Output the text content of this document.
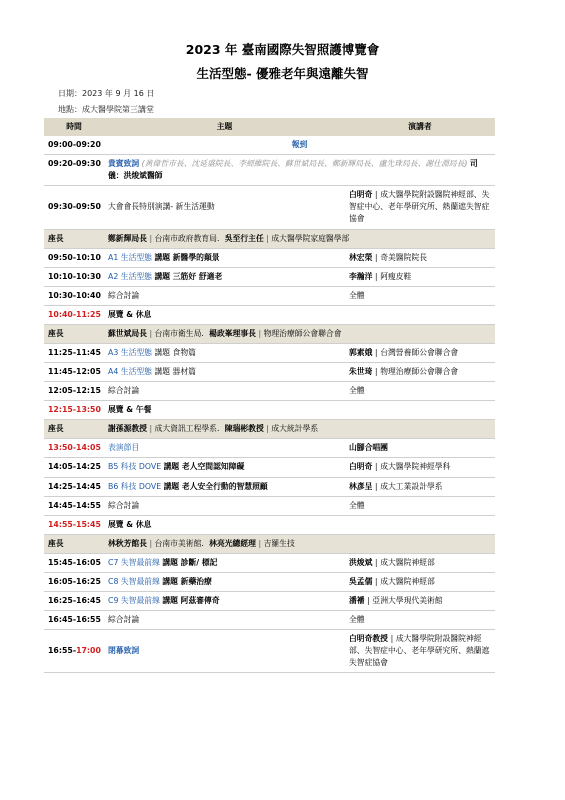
2023 年 臺南國際失智照護博覽會
生活型態- 優雅老年與遠離失智
日期：2023 年 9 月 16 日
地點：成大醫學院第三講堂
時間	主題	演講者
09:00-09:20	報到	
09:20-09:30	貴賓致詞 (黃偉哲市長、沈延盛院長、李經維院長、蘇世斌局長、鄭新輝局長、盧先珠局長、謝仕淵局長) 司儀：洪焌斌醫師	
09:30-09:50	大會會長特別演講- 新生活運動	白明奇 | 成大醫學院附設醫院神經部、失智症中心、老年學研究所、熱蘭遮失智症協會
座長	鄭新輝局長 | 台南市政府教育局．吳至行主任 | 成大醫學院家庭醫學部	
09:50-10:10	A1 生活型態 講題 新醫學的顛景	林宏榮 | 奇美醫院院長
10:10-10:30	A2 生活型態 講題 三筋好 舒適老	李瀚洋 | 阿瘦皮鞋
10:30-10:40	綜合討論	全體
10:40-11:25	展覽 & 休息	
座長	蘇世斌局長 | 台南市衛生局．楊政峯理事長 | 物理治療師公會聯合會	
11:25-11:45	A3 生活型態 講題 食物篇	郭素娥 | 台灣營養師公會聯合會
11:45-12:05	A4 生活型態 講題 器材篇	朱世琦 | 物理治療師公會聯合會
12:05-12:15	綜合討論	全體
12:15-13:50	展覽 & 午餐	
座長	謝孫源教授 | 成大資訊工程學系．陳瑞彬教授 | 成大統計學系	
13:50-14:05	表演節目	山腳合唱團
14:05-14:25	B5 科技 DOVE 講題 老人空間認知障礙	白明奇 | 成大醫學院神經學科
14:25-14:45	B6 科技 DOVE 講題 老人安全行動的智慧照顧	林彥呈 | 成大工業設計學系
14:45-14:55	綜合討論	全體
14:55-15:45	展覽 & 休息	
座長	林秋芳館長 | 台南市美術館．林亮光總經理 | 吉羅生技	
15:45-16:05	C7 失智最前線 講題 診斷/ 標記	洪焌斌 | 成大醫院神經部
16:05-16:25	C8 失智最前線 講題 新藥治療	吳孟儒 | 成大醫院神經部
16:25-16:45	C9 失智最前線 講題 阿茲審傳奇	潘襎 | 亞洲大學現代美術館
16:45-16:55	綜合討論	全體
16:55-17:00	閉幕致詞	白明奇教授 | 成大醫學院附設醫院神經部、失智症中心、老年學研究所、熱蘭遮失智症協會
